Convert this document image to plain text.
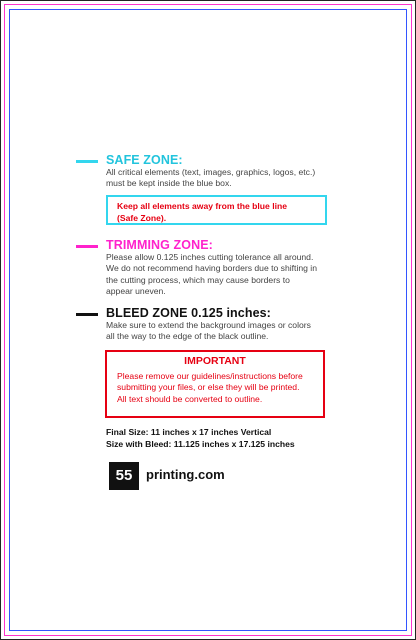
SAFE ZONE:
All critical elements (text, images, graphics, logos, etc.)
must be kept inside the blue box.
Keep all elements away from the blue line
(Safe Zone).
TRIMMING ZONE:
Please allow 0.125 inches cutting tolerance all around.
We do not recommend having borders due to shifting in
the cutting process, which may cause borders to
appear uneven.
BLEED ZONE 0.125 inches:
Make sure to extend the background images or colors
all the way to the edge of the black outline.
IMPORTANT
Please remove our guidelines/instructions before
submitting your files, or else they will be printed.
All text should be converted to outline.
Final Size: 11 inches x 17 inches Vertical
Size with Bleed: 11.125 inches x 17.125 inches
55	printing.com
